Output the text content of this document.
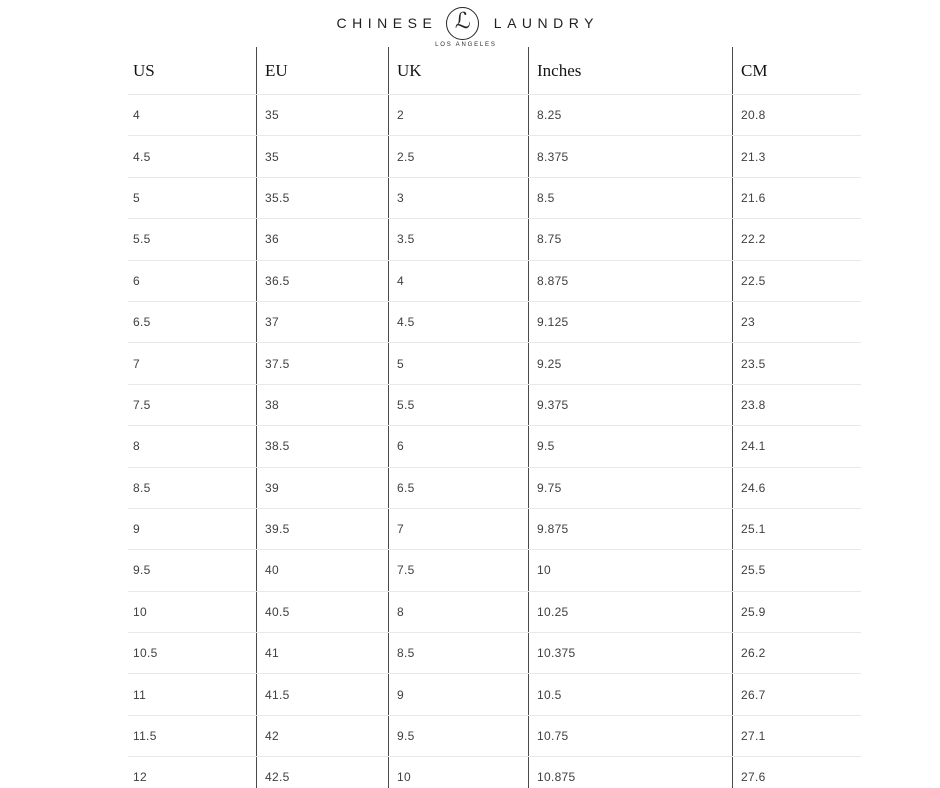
CHINESE ℒ	LAUNDRY
LOS ANGELES
US	EU	UK	Inches	CM
4	35	2	8.25	20.8
4.5	35	2.5	8.375	21.3
5	35.5	3	8.5	21.6
5.5	36	3.5	8.75	22.2
6	36.5	4	8.875	22.5
6.5	37	4.5	9.125	23
7	37.5	5	9.25	23.5
7.5	38	5.5	9.375	23.8
8	38.5	6	9.5	24.1
8.5	39	6.5	9.75	24.6
9	39.5	7	9.875	25.1
9.5	40	7.5	10	25.5
10	40.5	8	10.25	25.9
10.5	41	8.5	10.375	26.2
11	41.5	9	10.5	26.7
11.5	42	9.5	10.75	27.1
12	42.5	10	10.875	27.6
